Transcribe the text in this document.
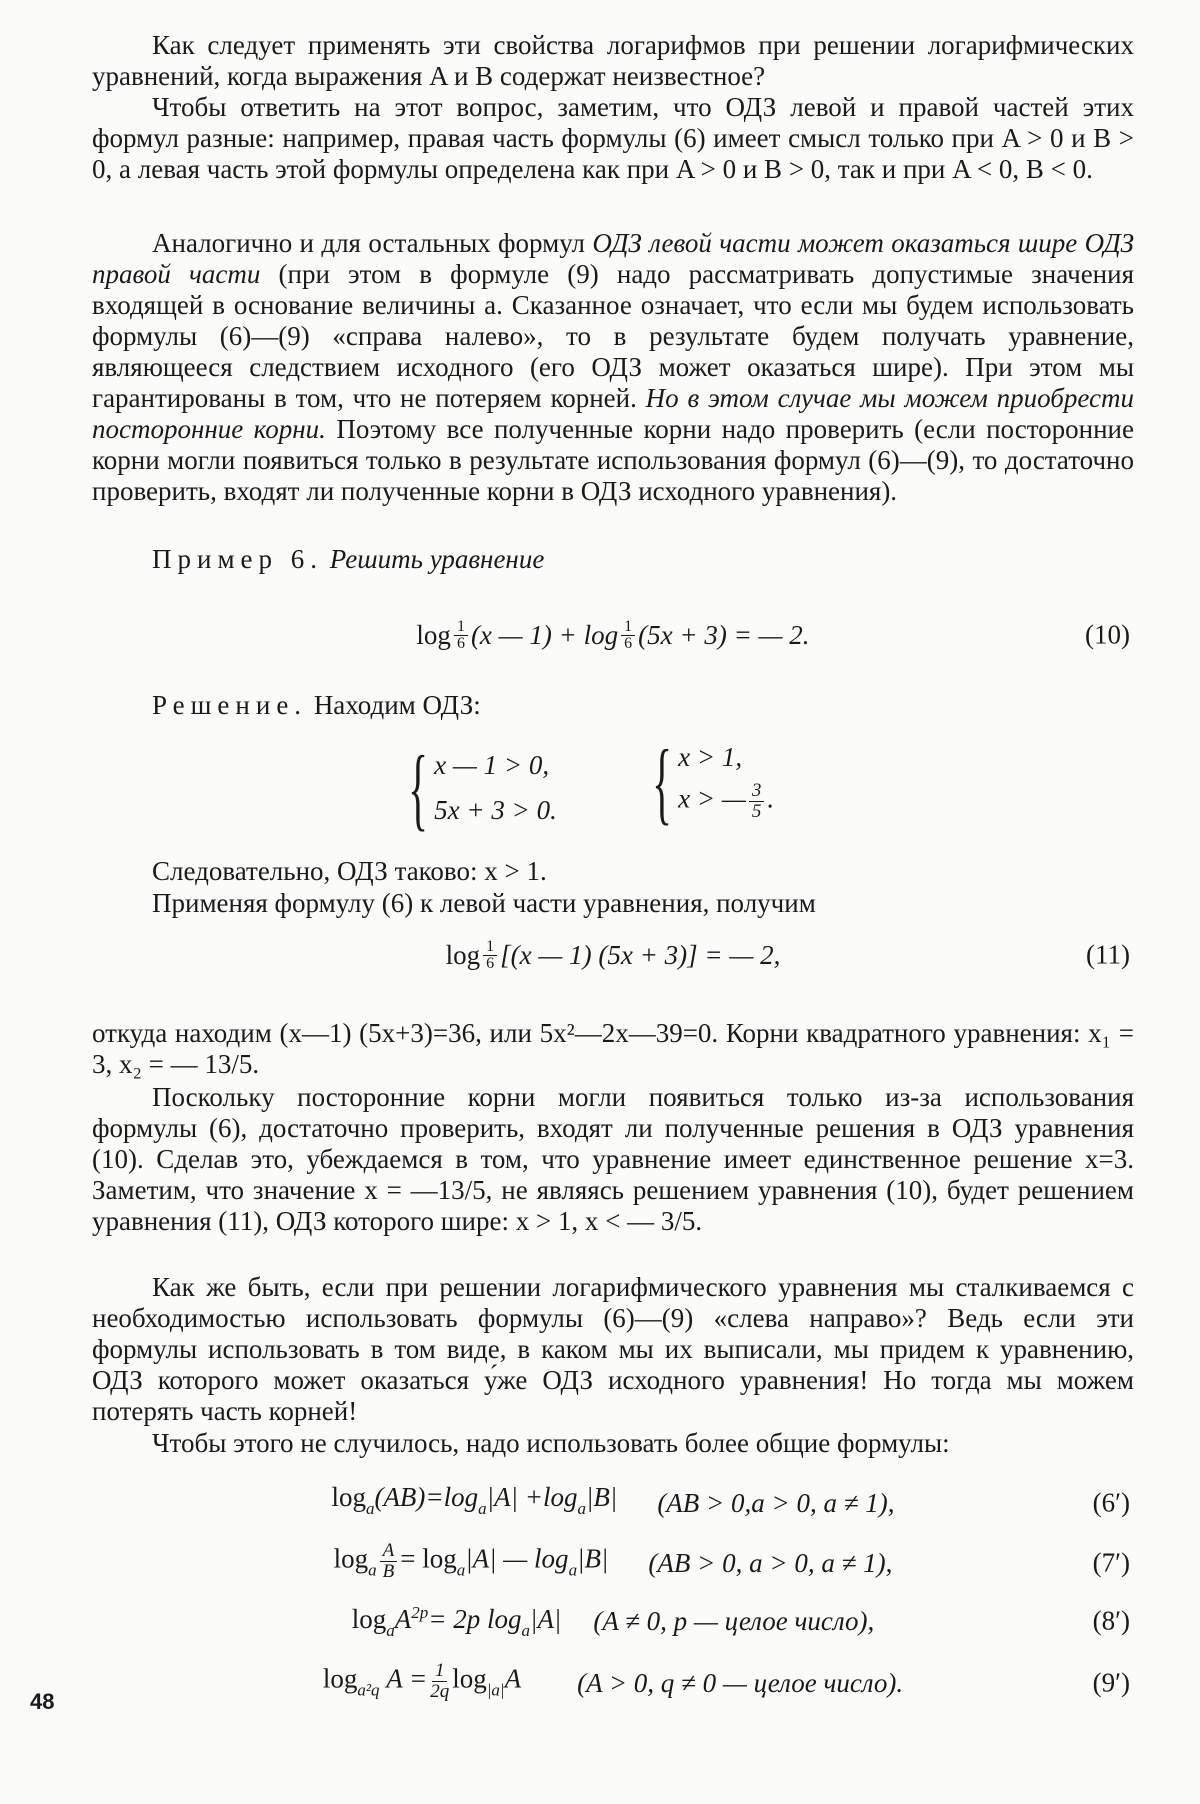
Как следует применять эти свойства логарифмов при решении логарифмических уравнений, когда выражения A и B содержат неизвестное?

Чтобы ответить на этот вопрос, заметим, что ОДЗ левой и правой частей этих формул разные: например, правая часть формулы (6) имеет смысл только при A > 0 и B > 0, а левая часть этой формулы определена как при A > 0 и B > 0, так и при A < 0, B < 0.

Аналогично и для остальных формул ОДЗ левой части может оказаться шире ОДЗ правой части (при этом в формуле (9) надо рассматривать допустимые значения входящей в основание величины a. Сказанное означает, что если мы будем использовать формулы (6)—(9) «справа налево», то в результате будем получать уравнение, являющееся следствием исходного (его ОДЗ может оказаться шире). При этом мы гарантированы в том, что не потеряем корней. Но в этом случае мы можем приобрести посторонние корни. Поэтому все полученные корни надо проверить (если посторонние корни могли появиться только в результате использования формул (6)—(9), то достаточно проверить, входят ли полученные корни в ОДЗ исходного уравнения).

Пример 6. Решить уравнение

$\log \frac{1}{6} (x$ — $1) + \log \frac{1}{6} (5x + 3)$ = — 2.	(10)

Решение. Находим ОДЗ:

{ x — 1 > 0,
5x + 3 > 0. { x > 1,
x > — $\frac{3}{5}$ .

Следовательно, ОДЗ таково: x > 1.

Применяя формулу (6) к левой части уравнения, получим

$\log \frac{1}{6} [(x$ — 1) (5x + 3)] = — 2,	(11)

откуда находим (x—1) (5x+3)=36, или 5x²—2x—39=0. Корни квадратного уравнения: x₁ = 3, x₂ = — 13/5.

Поскольку посторонние корни могли появиться только из-за использования формулы (6), достаточно проверить, входят ли полученные решения в ОДЗ уравнения (10). Сделав это, убеждаемся в том, что уравнение имеет единственное решение x=3. Заметим, что значение x = —13/5, не являясь решением уравнения (10), будет решением уравнения (11), ОДЗ которого шире: x > 1, x < — 3/5.

Как же быть, если при решении логарифмического уравнения мы сталкиваемся с необходимостью использовать формулы (6)—(9) «слева направо»? Ведь если эти формулы использовать в том виде, в каком мы их выписали, мы придем к уравнению, ОДЗ которого может оказаться у́же ОДЗ исходного уравнения! Но тогда мы можем потерять часть корней!

Чтобы этого не случилось, надо использовать более общие формулы:

$\log_a(AB)=\log_a|A| +\log_a|B|$ (AB > 0,a > 0, a ≠ 1),	(6′)
$\log_a \frac{A}{B} = \log_a|A|$ — $\log_a|B|$ (AB > 0, a > 0, a ≠ 1),	(7′)
$\log_aA^{2p}= 2p$ $\log_a|A|$ (A ≠ 0, p — целое число),	(8′)
$\log_{a^2q} A = \frac{1}{2q} \log_{|a|}A$ (A > 0, q ≠ 0 — целое число).	(9′)
48
